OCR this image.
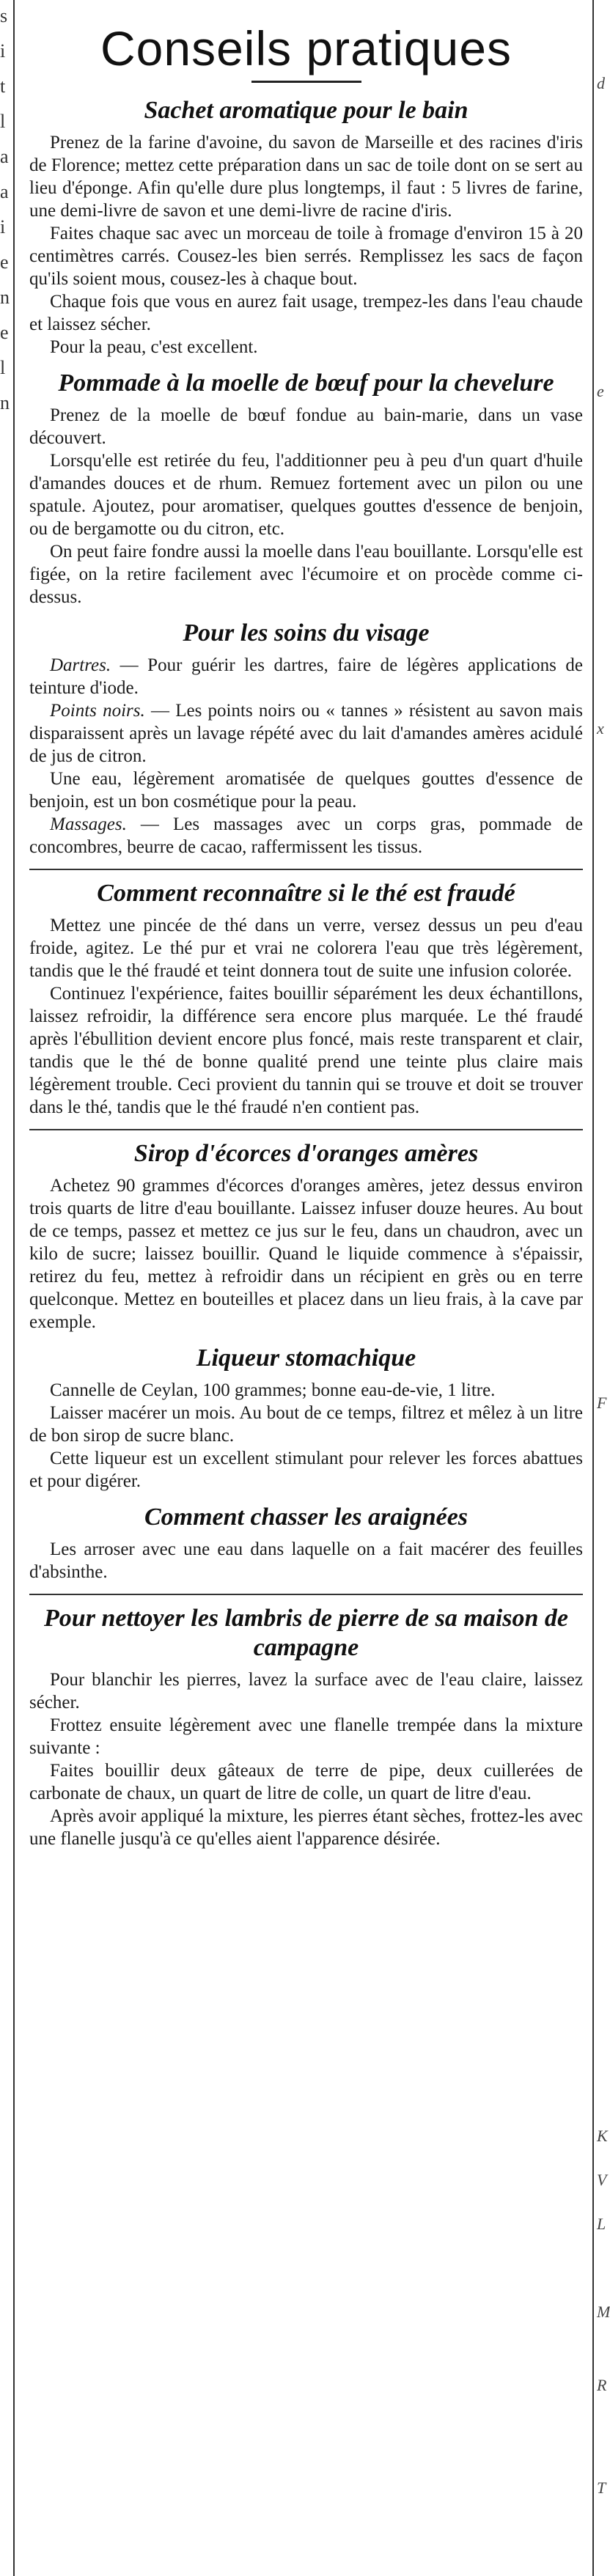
s
i
t
l
a
a
i
e
n
e
l
n
d
e
x
F
K
V
L
M
R
T
Conseils pratiques
Sachet aromatique pour le bain

Prenez de la farine d'avoine, du savon de Marseille et des racines d'iris de Florence; mettez cette préparation dans un sac de toile dont on se sert au lieu d'éponge. Afin qu'elle dure plus longtemps, il faut : 5 livres de farine, une demi-livre de savon et une demi-livre de racine d'iris.

Faites chaque sac avec un morceau de toile à fromage d'environ 15 à 20 centimètres carrés. Cousez-les bien serrés. Remplissez les sacs de façon qu'ils soient mous, cousez-les à chaque bout.

Chaque fois que vous en aurez fait usage, trempez-les dans l'eau chaude et laissez sécher.

Pour la peau, c'est excellent.

Pommade à la moelle de bœuf pour la chevelure

Prenez de la moelle de bœuf fondue au bain-marie, dans un vase découvert.

Lorsqu'elle est retirée du feu, l'additionner peu à peu d'un quart d'huile d'amandes douces et de rhum. Remuez fortement avec un pilon ou une spatule. Ajoutez, pour aromatiser, quelques gouttes d'essence de benjoin, ou de bergamotte ou du citron, etc.

On peut faire fondre aussi la moelle dans l'eau bouillante. Lorsqu'elle est figée, on la retire facilement avec l'écumoire et on procède comme ci-dessus.

Pour les soins du visage

Dartres. — Pour guérir les dartres, faire de légères applications de teinture d'iode.

Points noirs. — Les points noirs ou « tannes » résistent au savon mais disparaissent après un lavage répété avec du lait d'amandes amères acidulé de jus de citron.

Une eau, légèrement aromatisée de quelques gouttes d'essence de benjoin, est un bon cosmétique pour la peau.

Massages. — Les massages avec un corps gras, pommade de concombres, beurre de cacao, raffermissent les tissus.

Comment reconnaître si le thé est fraudé

Mettez une pincée de thé dans un verre, versez dessus un peu d'eau froide, agitez. Le thé pur et vrai ne colorera l'eau que très légèrement, tandis que le thé fraudé et teint donnera tout de suite une infusion colorée.

Continuez l'expérience, faites bouillir séparément les deux échantillons, laissez refroidir, la différence sera encore plus marquée. Le thé fraudé après l'ébullition devient encore plus foncé, mais reste transparent et clair, tandis que le thé de bonne qualité prend une teinte plus claire mais légèrement trouble. Ceci provient du tannin qui se trouve et doit se trouver dans le thé, tandis que le thé fraudé n'en contient pas.

Sirop d'écorces d'oranges amères

Achetez 90 grammes d'écorces d'oranges amères, jetez dessus environ trois quarts de litre d'eau bouillante. Laissez infuser douze heures. Au bout de ce temps, passez et mettez ce jus sur le feu, dans un chaudron, avec un kilo de sucre; laissez bouillir. Quand le liquide commence à s'épaissir, retirez du feu, mettez à refroidir dans un récipient en grès ou en terre quelconque. Mettez en bouteilles et placez dans un lieu frais, à la cave par exemple.

Liqueur stomachique

Cannelle de Ceylan, 100 grammes; bonne eau-de-vie, 1 litre.

Laisser macérer un mois. Au bout de ce temps, filtrez et mêlez à un litre de bon sirop de sucre blanc.

Cette liqueur est un excellent stimulant pour relever les forces abattues et pour digérer.

Comment chasser les araignées

Les arroser avec une eau dans laquelle on a fait macérer des feuilles d'absinthe.

Pour nettoyer les lambris de pierre de sa maison de campagne

Pour blanchir les pierres, lavez la surface avec de l'eau claire, laissez sécher.

Frottez ensuite légèrement avec une flanelle trempée dans la mixture suivante :

Faites bouillir deux gâteaux de terre de pipe, deux cuillerées de carbonate de chaux, un quart de litre de colle, un quart de litre d'eau.

Après avoir appliqué la mixture, les pierres étant sèches, frottez-les avec une flanelle jusqu'à ce qu'elles aient l'apparence désirée.
